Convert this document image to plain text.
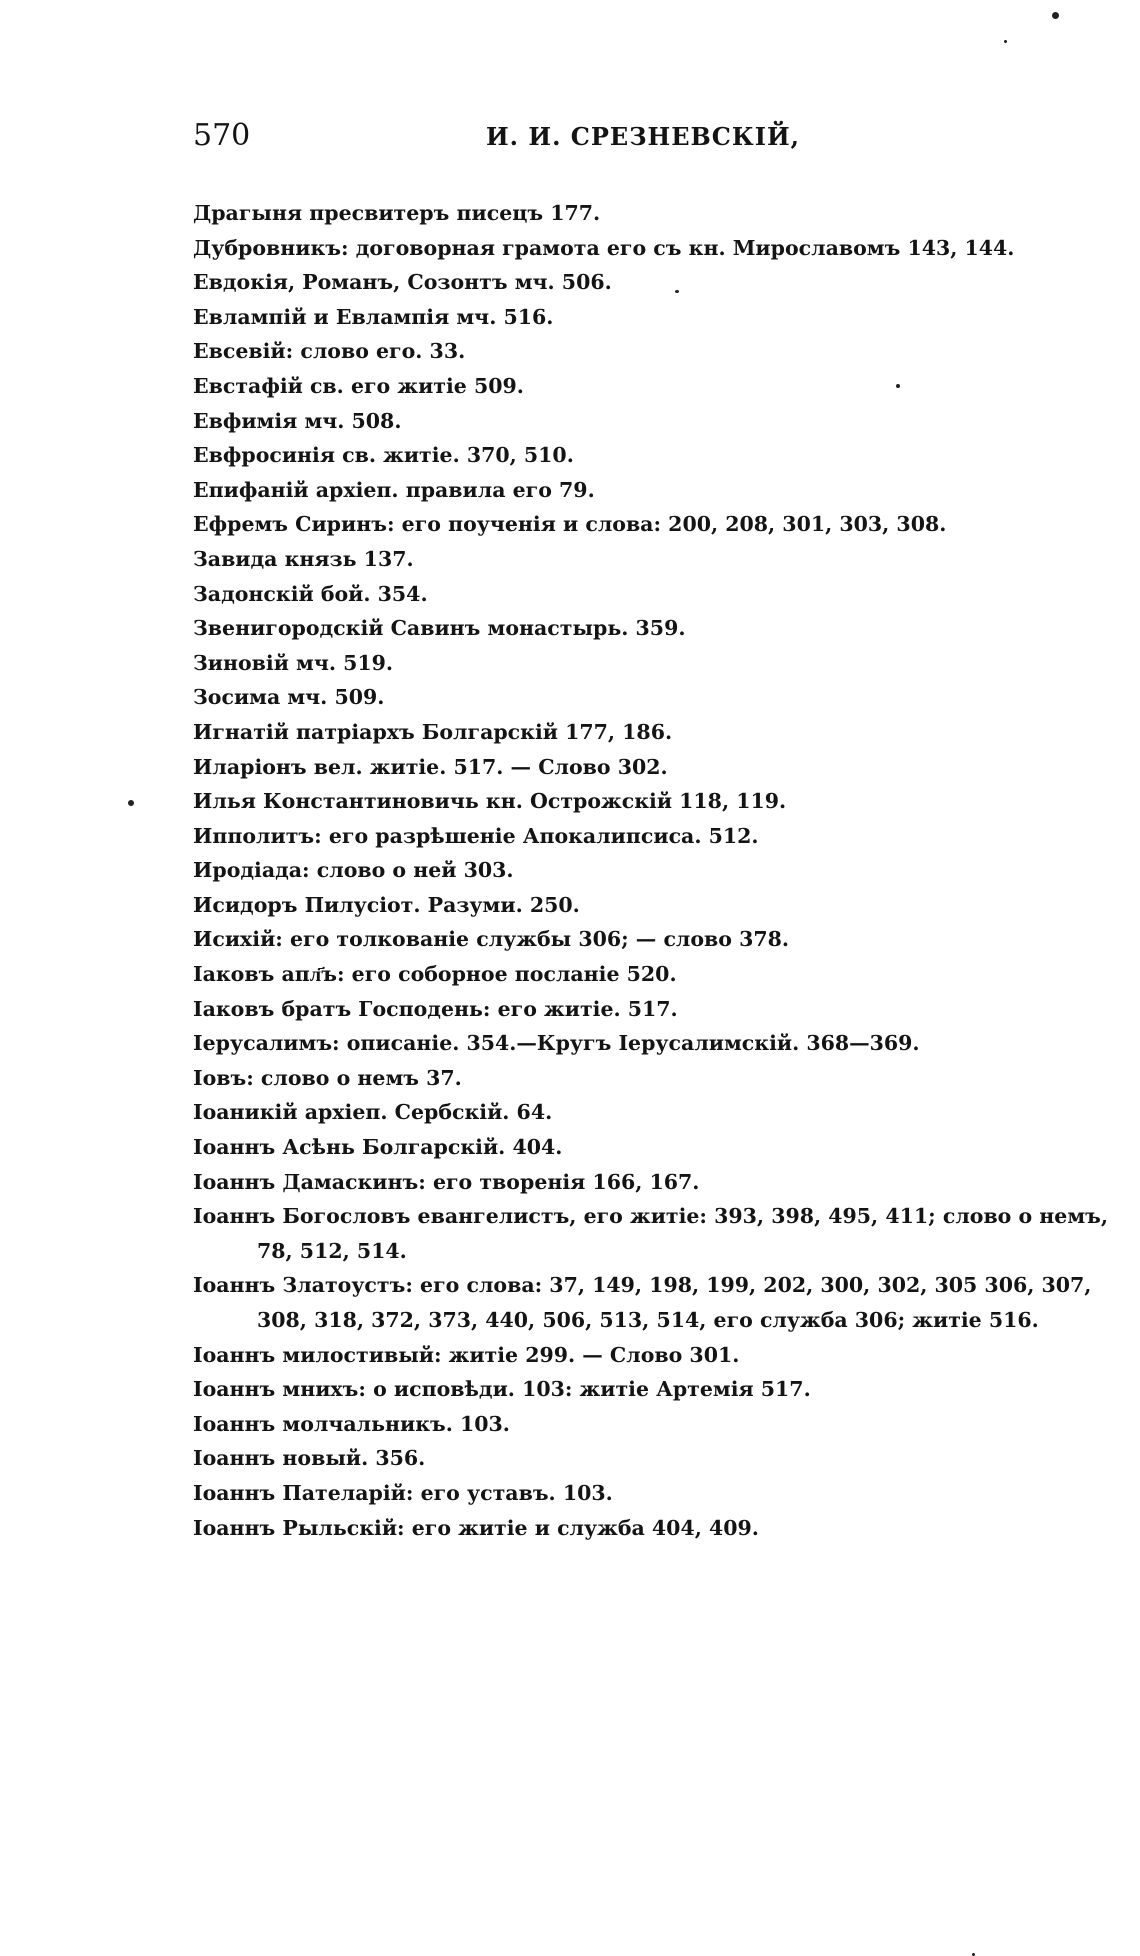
570	И. И. СРЕЗНЕВСКІЙ,
Драгыня пресвитеръ писецъ 177.
Дубровникъ: договорная грамота его съ кн. Мирославомъ 143, 144.
Евдокія, Романъ, Созонтъ мч. 506.
Евлампій и Евлампія мч. 516.
Евсевій: слово его. 33.
Евстафій св. его житіе 509.
Евфимія мч. 508.
Евфросинія св. житіе. 370, 510.
Епифаній архіеп. правила его 79.
Ефремъ Сиринъ: его поученія и слова: 200, 208, 301, 303, 308.
Завида князь 137.
Задонскій бой. 354.
Звенигородскій Савинъ монастырь. 359.
Зиновій мч. 519.
Зосима мч. 509.
Игнатій патріархъ Болгарскій 177, 186.
Иларіонъ вел. житіе. 517. — Слово 302.
Илья Константиновичь кн. Острожскій 118, 119.
Ипполитъ: его разрѣшеніе Апокалипсиса. 512.
Иродіада: слово о ней 303.
Исидоръ Пилусіот. Разуми. 250.
Исихій: его толкованіе службы 306; — слово 378.
Іаковъ апл҃ъ: его соборное посланіе 520.
Іаковъ братъ Господень: его житіе. 517.
Іерусалимъ: описаніе. 354.—Кругъ Іерусалимскій. 368—369.
Іовъ: слово о немъ 37.
Іоаникій архіеп. Сербскій. 64.
Іоаннъ Асѣнь Болгарскій. 404.
Іоаннъ Дамаскинъ: его творенія 166, 167.
Іоаннъ Богословъ евангелистъ, его житіе: 393, 398, 495, 411; слово о немъ, 78, 512, 514.
Іоаннъ Златоустъ: его слова: 37, 149, 198, 199, 202, 300, 302, 305 306, 307, 308, 318, 372, 373, 440, 506, 513, 514, его служба 306; житіе 516.
Іоаннъ милостивый: житіе 299. — Слово 301.
Іоаннъ мнихъ: о исповѣди. 103: житіе Артемія 517.
Іоаннъ молчальникъ. 103.
Іоаннъ новый. 356.
Іоаннъ Пателарій: его уставъ. 103.
Іоаннъ Рыльскій: его житіе и служба 404, 409.
